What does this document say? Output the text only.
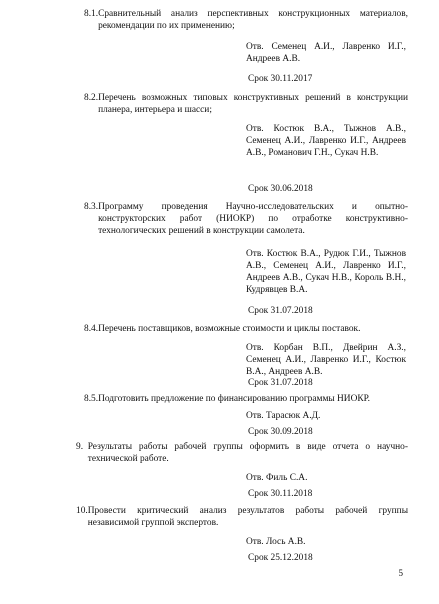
8.1. Сравнительный анализ перспективных конструкционных материалов, рекомендации по их применению;

Отв. Семенец А.И., Лавренко И.Г., Андреев А.В.

Срок 30.11.2017
8.2. Перечень возможных типовых конструктивных решений в конструкции планера, интерьера и шасси;

Отв. Костюк В.А., Тыжнов А.В., Семенец А.И., Лавренко И.Г., Андреев А.В., Романович Г.Н., Сукач Н.В.

Срок 30.06.2018
8.3. Программу проведения Научно-исследовательских и опытно-конструкторских работ (НИОКР) по отработке конструктивно-технологических решений в конструкции самолета.

Отв. Костюк В.А., Рудюк Г.И., Тыжнов А.В., Семенец А.И., Лавренко И.Г., Андреев А.В., Сукач Н.В., Король В.Н., Кудрявцев В.А.

Срок 31.07.2018
8.4. Перечень поставщиков, возможные стоимости и циклы поставок.

Отв. Корбан В.П., Двейрин А.З., Семенец А.И., Лавренко И.Г., Костюк В.А., Андреев А.В.

Срок 31.07.2018
8.5. Подготовить предложение по финансированию программы НИОКР.

Отв. Тарасюк А.Д.

Срок 30.09.2018
9. Результаты работы рабочей группы оформить в виде отчета о научно-технической работе.

Отв. Филь С.А.

Срок 30.11.2018
10. Провести критический анализ результатов работы рабочей группы независимой группой экспертов.

Отв. Лось А.В.

Срок 25.12.2018
5
